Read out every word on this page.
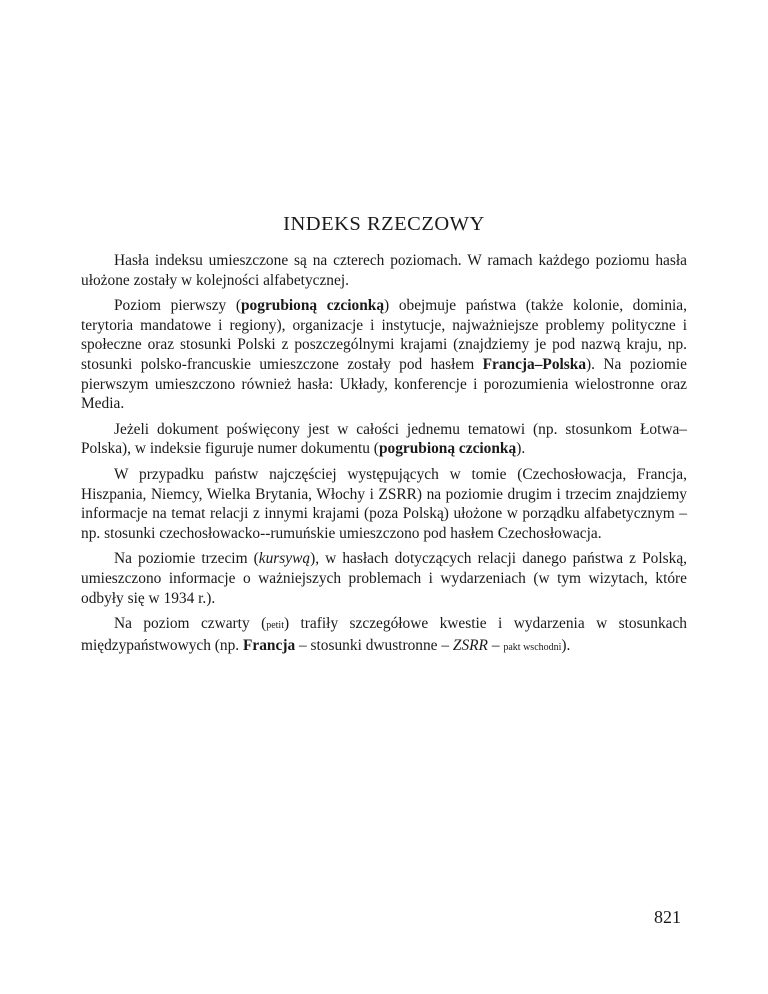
INDEKS RZECZOWY

Hasła indeksu umieszczone są na czterech poziomach. W ramach każdego poziomu hasła ułożone zostały w kolejności alfabetycznej.

Poziom pierwszy (pogrubioną czcionką) obejmuje państwa (także kolonie, dominia, terytoria mandatowe i regiony), organizacje i instytucje, najważniejsze problemy polityczne i społeczne oraz stosunki Polski z poszczególnymi krajami (znajdziemy je pod nazwą kraju, np. stosunki polsko-francuskie umieszczone zostały pod hasłem Francja–Polska). Na poziomie pierwszym umieszczono również hasła: Układy, konferencje i porozumienia wielostronne oraz Media.

Jeżeli dokument poświęcony jest w całości jednemu tematowi (np. stosunkom Łotwa–Polska), w indeksie figuruje numer dokumentu (pogrubioną czcionką).

W przypadku państw najczęściej występujących w tomie (Czechosłowacja, Francja, Hiszpania, Niemcy, Wielka Brytania, Włochy i ZSRR) na poziomie drugim i trzecim znajdziemy informacje na temat relacji z innymi krajami (poza Polską) ułożone w porządku alfabetycznym – np. stosunki czechosłowacko-​-rumuńskie umieszczono pod hasłem Czechosłowacja.

Na poziomie trzecim (kursywą), w hasłach dotyczących relacji danego państwa z Polską, umieszczono informacje o ważniejszych problemach i wydarzeniach (w tym wizytach, które odbyły się w 1934 r.).

Na poziom czwarty (petit) trafiły szczegółowe kwestie i wydarzenia w stosunkach międzypaństwowych (np. Francja – stosunki dwustronne – ZSRR – pakt wschodni).

821
